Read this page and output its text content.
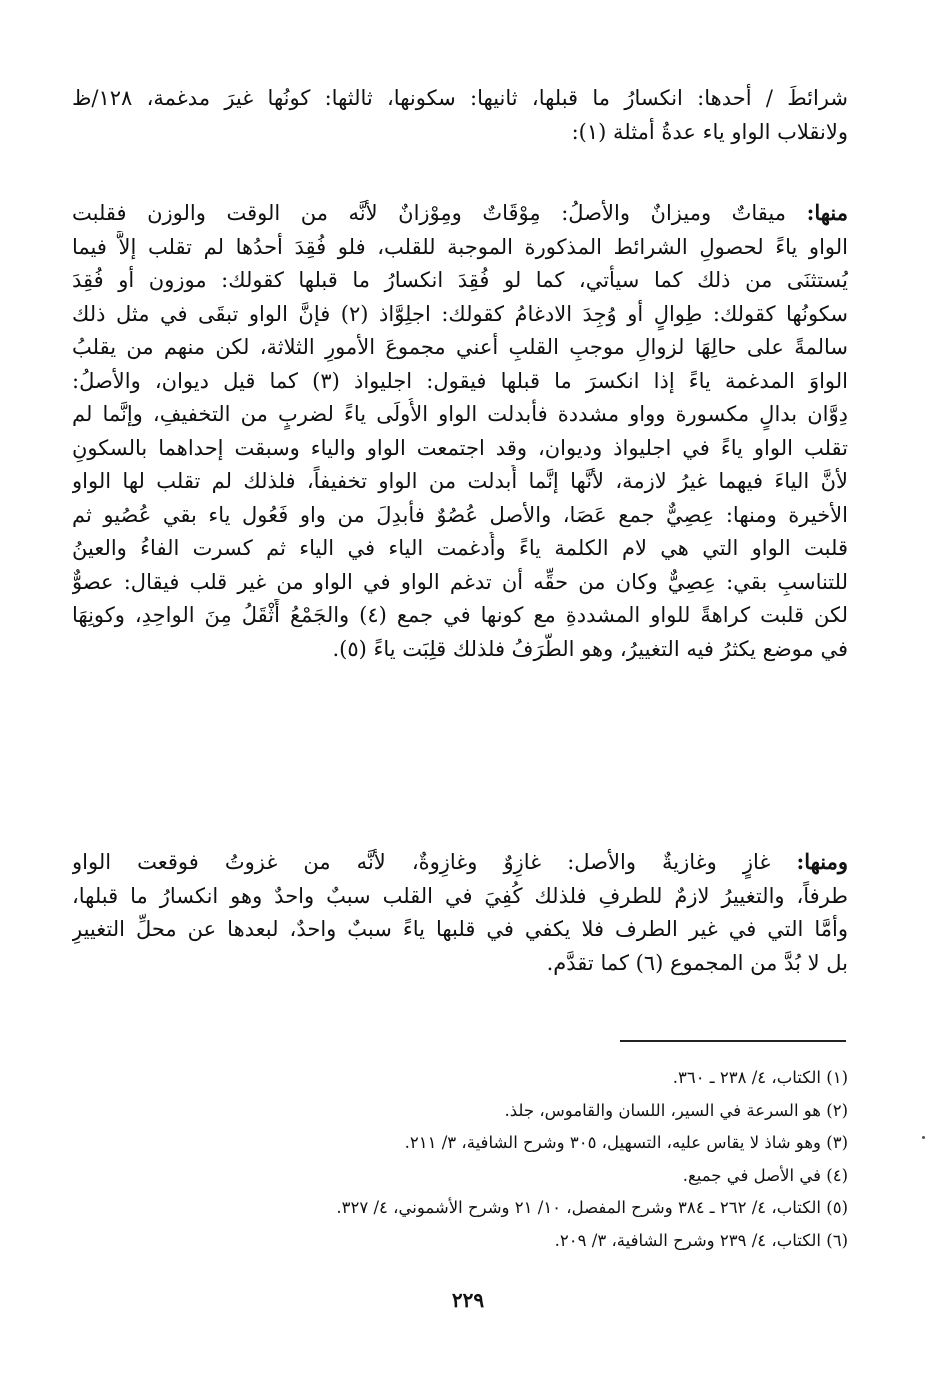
شرائطَ / أحدها: انكسارُ ما قبلها، ثانيها: سكونها، ثالثها: كونُها غيرَ مدغمة، ١٢٨/ظ
ولانقلاب الواو ياء عدةُ أمثلة (١):
منها: ميقاتٌ وميزانٌ والأصلُ: مِوْقَاتٌ ومِوْزانٌ لأنَّه من الوقت والوزن فقلبت
الواو ياءً لحصولِ الشرائط المذكورة الموجبة للقلب، فلو فُقِدَ أحدُها لم تقلب إلاَّ فيما
يُستثنَى من ذلك كما سيأتي، كما لو فُقِدَ انكسارُ ما قبلها كقولك: موزون أو فُقِدَ
سكونُها كقولك: طِوالٍ أو وُجِدَ الادغامُ كقولك: اجلِوَّاذ (٢) فإنَّ الواو تبقَى في مثل ذلك
سالمةً على حالِهَا لزوالِ موجبِ القلبِ أعني مجموعَ الأمورِ الثلاثة، لكن منهم من يقلبُ
الواوَ المدغمة ياءً إذا انكسرَ ما قبلها فيقول: اجليواذ (٣) كما قيل ديوان، والأصلُ:
دِوَّان بدالٍ مكسورة وواو مشددة فأبدلت الواو الأُولَى ياءً لضربٍ من التخفيفِ، وإنَّما لم
تقلب الواو ياءً في اجليواذ وديوان، وقد اجتمعت الواو والياء وسبقت إحداهما بالسكونِ
لأنَّ الياءَ فيهما غيرُ لازمة، لأنَّها إنَّما أُبدلت من الواو تخفيفاً، فلذلك لم تقلب لها الواو
الأخيرة ومنها: عِصِيٌّ جمع عَصَا، والأصل عُصُوٌ فأُبدِلَ من واو فَعُول ياء بقي عُصُيو ثم
قلبت الواو التي هي لام الكلمة ياءً وأُدغمت الياء في الياء ثم كسرت الفاءُ والعينُ
للتناسبِ بقي: عِصِيٌّ وكان من حقِّه أن تدغم الواو في الواو من غير قلب فيقال: عصوٌّ
لكن قلبت كراهةً للواو المشددةِ مع كونها في جمع (٤) والجَمْعُ أَثْقَلُ مِنَ الواحِدِ، وكونِهَا
في موضع يكثرُ فيه التغييرُ، وهو الطَّرَفُ فلذلك قلِبَت ياءً (٥).
ومنها: غازٍ وغازيةٌ والأصل: غازِوٌ وغازِوةٌ، لأنَّه من غزوتُ فوقعت الواو
طرفاً، والتغييرُ لازمٌ للطرفِ فلذلك كُفِيَ في القلب سببٌ واحدٌ وهو انكسارُ ما قبلها،
وأمَّا التي في غير الطرف فلا يكفي في قلبها ياءً سببٌ واحدٌ، لبعدها عن محلِّ التغييرِ
بل لا بُدَّ من المجموع (٦) كما تقدَّم.
(١) الكتاب، ٤/ ٢٣٨ ـ ٣٦٠.
(٢) هو السرعة في السير، اللسان والقاموس، جلذ.
(٣) وهو شاذ لا يقاس عليه، التسهيل، ٣٠٥ وشرح الشافية، ٣/ ٢١١.
(٤) في الأصل في جميع.
(٥) الكتاب، ٤/ ٢٦٢ ـ ٣٨٤ وشرح المفصل، ١٠/ ٢١ وشرح الأشموني، ٤/ ٣٢٧.
(٦) الكتاب، ٤/ ٢٣٩ وشرح الشافية، ٣/ ٢٠٩.
٢٢٩
